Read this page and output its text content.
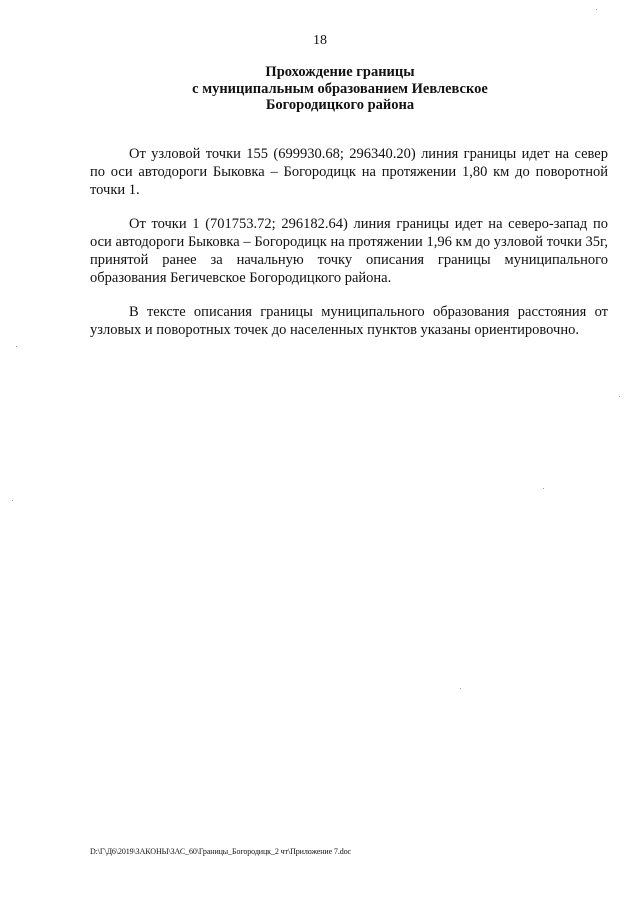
18
Прохождение границы
с муниципальным образованием Иевлевское
Богородицкого района

От узловой точки 155 (699930.68; 296340.20) линия границы идет на север по оси автодороги Быковка – Богородицк на протяжении 1,80 км до поворотной точки 1.

От точки 1 (701753.72; 296182.64) линия границы идет на северо-запад по оси автодороги Быковка – Богородицк на протяжении 1,96 км до узловой точки 35г, принятой ранее за начальную точку описания границы муниципального образования Бегичевское Богородицкого района.

В тексте описания границы муниципального образования расстояния от узловых и поворотных точек до населенных пунктов указаны ориентировочно.

D:\Г\Д6\2019\ЗАКОНЫ\ЗАС_60\Границы_Богородицк_2 чт\Приложение 7.doc
